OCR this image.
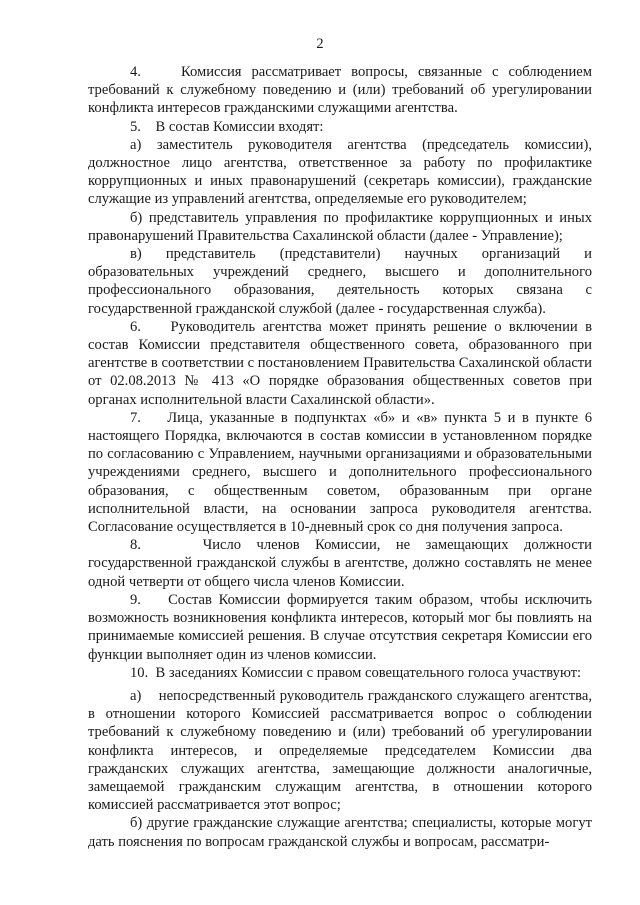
2

4.    Комиссия рассматривает вопросы, связанные с соблюдением требований к служебному поведению и (или) требований об урегулировании конфликта интересов гражданскими служащими агентства.

5.    В состав Комиссии входят:

а) заместитель руководителя агентства (председатель комиссии), должностное лицо агентства, ответственное за работу по профилактике коррупционных и иных правонарушений (секретарь комиссии), гражданские служащие из управлений агентства, определяемые его руководителем;

б) представитель управления по профилактике коррупционных и иных правонарушений Правительства Сахалинской области (далее - Управление);

в) представитель (представители) научных организаций и образовательных учреждений среднего, высшего и дополнительного профессионального образования, деятельность которых связана с государственной гражданской службой (далее - государственная служба).

6.    Руководитель агентства может принять решение о включении в состав Комиссии представителя общественного совета, образованного при агентстве в соответствии с постановлением Правительства Сахалинской области от 02.08.2013 № 413 «О порядке образования общественных советов при органах исполнительной власти Сахалинской области».

7.    Лица, указанные в подпунктах «б» и «в» пункта 5 и в пункте 6 настоящего Порядка, включаются в состав комиссии в установленном порядке по согласованию с Управлением, научными организациями и образовательными учреждениями среднего, высшего и дополнительного профессионального образования, с общественным советом, образованным при органе исполнительной власти, на основании запроса руководителя агентства. Согласование осуществляется в 10-дневный срок со дня получения запроса.

8.    Число членов Комиссии, не замещающих должности государственной гражданской службы в агентстве, должно составлять не менее одной четверти от общего числа членов Комиссии.

9.    Состав Комиссии формируется таким образом, чтобы исключить возможность возникновения конфликта интересов, который мог бы повлиять на принимаемые комиссией решения. В случае отсутствия секретаря Комиссии его функции выполняет один из членов комиссии.

10.  В заседаниях Комиссии с правом совещательного голоса участвуют:

а)    непосредственный руководитель гражданского служащего агентства, в отношении которого Комиссией рассматривается вопрос о соблюдении требований к служебному поведению и (или) требований об урегулировании конфликта интересов, и определяемые председателем Комиссии два гражданских служащих агентства, замещающие должности аналогичные, замещаемой гражданским служащим агентства, в отношении которого комиссией рассматривается этот вопрос;

б) другие гражданские служащие агентства; специалисты, которые могут дать пояснения по вопросам гражданской службы и вопросам, рассматри-
